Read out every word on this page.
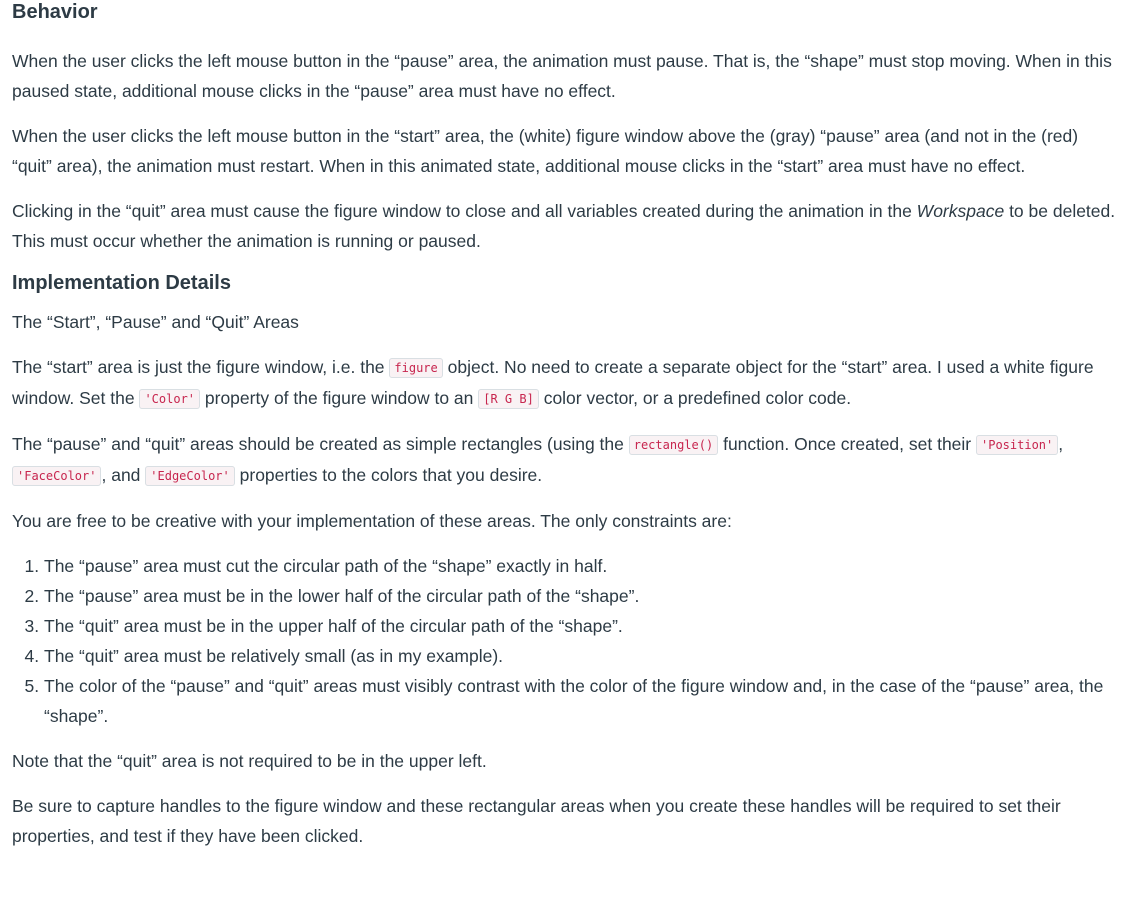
Behavior

When the user clicks the left mouse button in the “pause” area, the animation must pause. That is, the “shape” must stop moving. When in this paused state, additional mouse clicks in the “pause” area must have no effect.

When the user clicks the left mouse button in the “start” area, the (white) figure window above the (gray) “pause” area (and not in the (red) “quit” area), the animation must restart. When in this animated state, additional mouse clicks in the “start” area must have no effect.

Clicking in the “quit” area must cause the figure window to close and all variables created during the animation in the Workspace to be deleted. This must occur whether the animation is running or paused.

Implementation Details

The “Start”, “Pause” and “Quit” Areas

The “start” area is just the figure window, i.e. the figure object. No need to create a separate object for the “start” area. I used a white figure window. Set the 'Color' property of the figure window to an [R G B] color vector, or a predefined color code.

The “pause” and “quit” areas should be created as simple rectangles (using the rectangle() function. Once created, set their 'Position' , 'FaceColor' , and 'EdgeColor' properties to the colors that you desire.

You are free to be creative with your implementation of these areas. The only constraints are:

1. The “pause” area must cut the circular path of the “shape” exactly in half.
2. The “pause” area must be in the lower half of the circular path of the “shape”.
3. The “quit” area must be in the upper half of the circular path of the “shape”.
4. The “quit” area must be relatively small (as in my example).
5. The color of the “pause” and “quit” areas must visibly contrast with the color of the figure window and, in the case of the “pause” area, the “shape”.

Note that the “quit” area is not required to be in the upper left.

Be sure to capture handles to the figure window and these rectangular areas when you create these handles will be required to set their properties, and test if they have been clicked.
